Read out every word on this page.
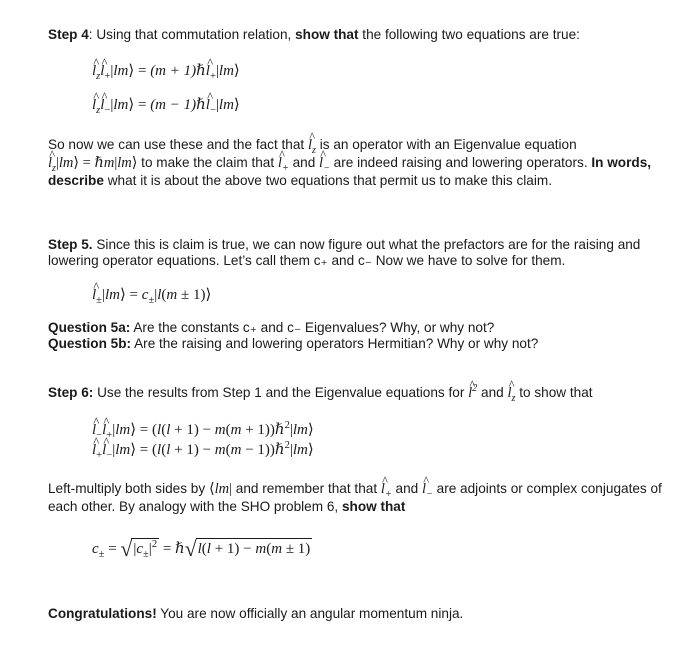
Step 4: Using that commutation relation, show that the following two equations are true:

^ $l_z\^{}$ $l_+|lm⟩ = (m$ + 1)ℏ^ $l_+|lm⟩$
^ $l_z\^{}$ $l_-|lm⟩ = (m$ − 1)ℏ^ $l_-|lm⟩$

So now we can use these and the fact that ^ $l_z$ is an operator with an Eigenvalue equation
^ $l_z|lm⟩$ = ℏm|lm⟩ to make the claim that ^ $l_+$ and ^ $l_-$ are indeed raising and lowering operators. In words, describe what it is about the above two equations that permit us to make this claim.

Step 5. Since this is claim is true, we can now figure out what the prefactors are for the raising and lowering operator equations. Let’s call them c₊ and c₋ Now we have to solve for them.

^ $l_\pm|lm⟩ = c_\pm|l(m$ ± 1)⟩

Question 5a: Are the constants c₊ and c₋ Eigenvalues? Why, or why not?

Question 5b: Are the raising and lowering operators Hermitian? Why or why not?

Step 6: Use the results from Step 1 and the Eigenvalue equations for ^ $l^2$ and ^ $l_z$ to show that

^ $l_-\^{}$ $l_+|lm⟩ = (l(l + 1) - m(m$ + 1))ℏ$^2$|lm⟩
^ $l_+\^{}$ $l_-|lm⟩ = (l(l + 1) - m(m$ − 1))ℏ$^2$|lm⟩

Left-multiply both sides by ⟨lm| and remember that that ^ $l_+$ and ^ $l_-$ are adjoints or complex conjugates of each other. By analogy with the SHO problem 6, show that

$c_\pm = √|c_\pm|^2$ = ℏ√l(l + 1) − m(m ± 1)

Congratulations! You are now officially an angular momentum ninja.
